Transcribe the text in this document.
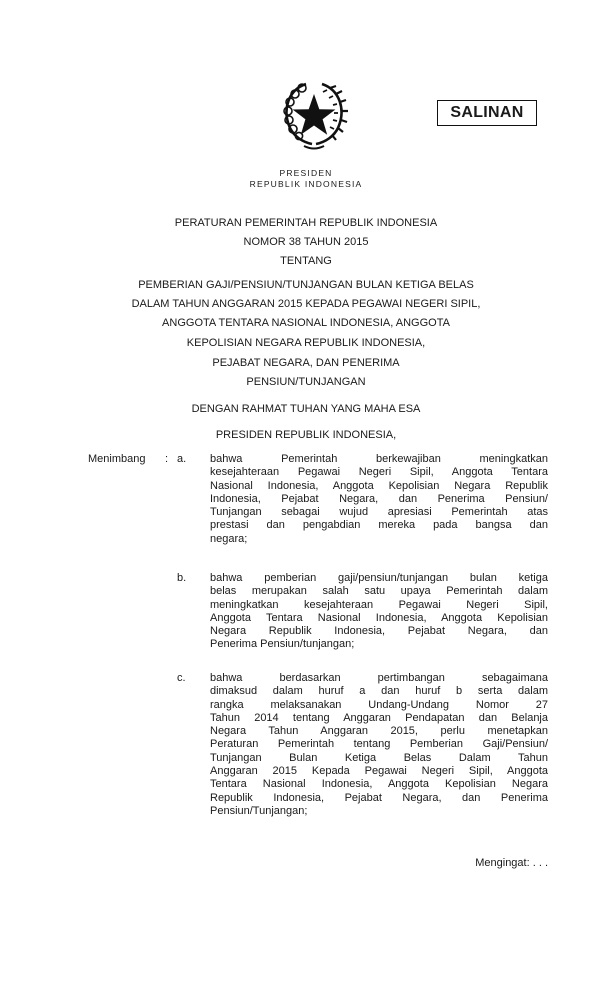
SALINAN
PRESIDEN
REPUBLIK INDONESIA
PERATURAN PEMERINTAH REPUBLIK INDONESIA
NOMOR 38 TAHUN 2015
TENTANG
PEMBERIAN GAJI/PENSIUN/TUNJANGAN BULAN KETIGA BELAS
DALAM TAHUN ANGGARAN 2015 KEPADA PEGAWAI NEGERI SIPIL,
ANGGOTA TENTARA NASIONAL INDONESIA, ANGGOTA
KEPOLISIAN NEGARA REPUBLIK INDONESIA,
PEJABAT NEGARA, DAN PENERIMA
PENSIUN/TUNJANGAN
DENGAN RAHMAT TUHAN YANG MAHA ESA
PRESIDEN REPUBLIK INDONESIA,
Menimbang : a. bahwa Pemerintah berkewajiban meningkatkan
kesejahteraan Pegawai Negeri Sipil, Anggota Tentara
Nasional Indonesia, Anggota Kepolisian Negara Republik
Indonesia, Pejabat Negara, dan Penerima Pensiun/
Tunjangan sebagai wujud apresiasi Pemerintah atas
prestasi dan pengabdian mereka pada bangsa dan
negara;
b. bahwa pemberian gaji/pensiun/tunjangan bulan ketiga
belas merupakan salah satu upaya Pemerintah dalam
meningkatkan kesejahteraan Pegawai Negeri Sipil,
Anggota Tentara Nasional Indonesia, Anggota Kepolisian
Negara Republik Indonesia, Pejabat Negara, dan
Penerima Pensiun/tunjangan;
c. bahwa berdasarkan pertimbangan sebagaimana
dimaksud dalam huruf a dan huruf b serta dalam
rangka melaksanakan Undang-Undang Nomor 27
Tahun 2014 tentang Anggaran Pendapatan dan Belanja
Negara Tahun Anggaran 2015, perlu menetapkan
Peraturan Pemerintah tentang Pemberian Gaji/Pensiun/
Tunjangan Bulan Ketiga Belas Dalam Tahun
Anggaran 2015 Kepada Pegawai Negeri Sipil, Anggota
Tentara Nasional Indonesia, Anggota Kepolisian Negara
Republik Indonesia, Pejabat Negara, dan Penerima
Pensiun/Tunjangan;
Mengingat: . . .
